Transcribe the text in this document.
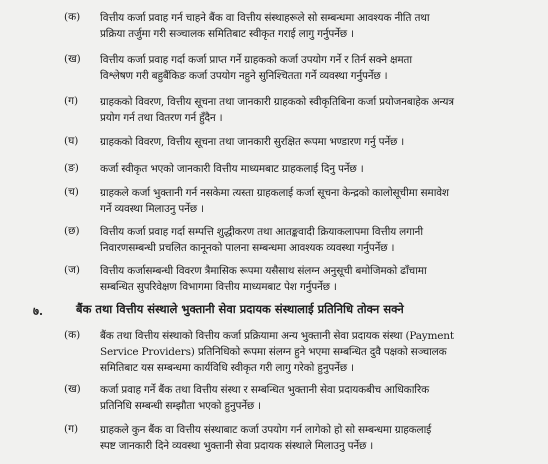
(क)	वित्तीय कर्जा प्रवाह गर्न चाहने बैंक वा वित्तीय संस्थाहरूले सो सम्बन्धमा आवश्यक नीति तथा
प्रक्रिया तर्जुमा गरी सञ्चालक समितिबाट स्वीकृत गराई लागु गर्नुपर्नेछ ।
(ख)	वित्तीय कर्जा प्रवाह गर्दा कर्जा प्राप्त गर्ने ग्राहकको कर्जा उपयोग गर्ने र तिर्न सक्ने क्षमता
विश्लेषण गरी बहुबैंकिङ कर्जा उपयोग नहुने सुनिश्चितता गर्ने व्यवस्था गर्नुपर्नेछ ।
(ग)	ग्राहकको विवरण, वित्तीय सूचना तथा जानकारी ग्राहकको स्वीकृतिबिना कर्जा प्रयोजनबाहेक अन्यत्र
प्रयोग गर्न तथा वितरण गर्न हुँदैन ।
(घ)	ग्राहकको विवरण, वित्तीय सूचना तथा जानकारी सुरक्षित रूपमा भण्डारण गर्नु पर्नेछ ।
(ङ)	कर्जा स्वीकृत भएको जानकारी वित्तीय माध्यमबाट ग्राहकलाई दिनु पर्नेछ ।
(च)	ग्राहकले कर्जा भुक्तानी गर्न नसकेमा त्यस्ता ग्राहकलाई कर्जा सूचना केन्द्रको कालोसूचीमा समावेश
गर्ने व्यवस्था मिलाउनु पर्नेछ ।
(छ)	वित्तीय कर्जा प्रवाह गर्दा सम्पत्ति शुद्धीकरण तथा आतङ्कवादी क्रियाकलापमा वित्तीय लगानी
निवारणसम्बन्धी प्रचलित कानूनको पालना सम्बन्धमा आवश्यक व्यवस्था गर्नुपर्नेछ ।
(ज)	वित्तीय कर्जासम्बन्धी विवरण त्रैमासिक रूपमा यसैसाथ संलग्न अनुसूची बमोजिमको ढाँचामा
सम्बन्धित सुपरिवेक्षण विभागमा वित्तीय माध्यमबाट पेश गर्नुपर्नेछ ।
७.	बैंक तथा वित्तीय संस्थाले भुक्तानी सेवा प्रदायक संस्थालाई प्रतिनिधि तोक्न सक्ने
(क)	बैंक तथा वित्तीय संस्थाको वित्तीय कर्जा प्रक्रियामा अन्य भुक्तानी सेवा प्रदायक संस्था (Payment
Service Providers) प्रतिनिधिको रूपमा संलग्न हुने भएमा सम्बन्धित दुवै पक्षको सञ्चालक
समितिबाट यस सम्बन्धमा कार्यविधि स्वीकृत गरी लागु गरेको हुनुपर्नेछ ।
(ख)	कर्जा प्रवाह गर्ने बैंक तथा वित्तीय संस्था र सम्बन्धित भुक्तानी सेवा प्रदायकबीच आधिकारिक
प्रतिनिधि सम्बन्धी सम्झौता भएको हुनुपर्नेछ ।
(ग)	ग्राहकले कुन बैंक वा वित्तीय संस्थाबाट कर्जा उपयोग गर्न लागेको हो सो सम्बन्धमा ग्राहकलाई
स्पष्ट जानकारी दिने व्यवस्था भुक्तानी सेवा प्रदायक संस्थाले मिलाउनु पर्नेछ ।
